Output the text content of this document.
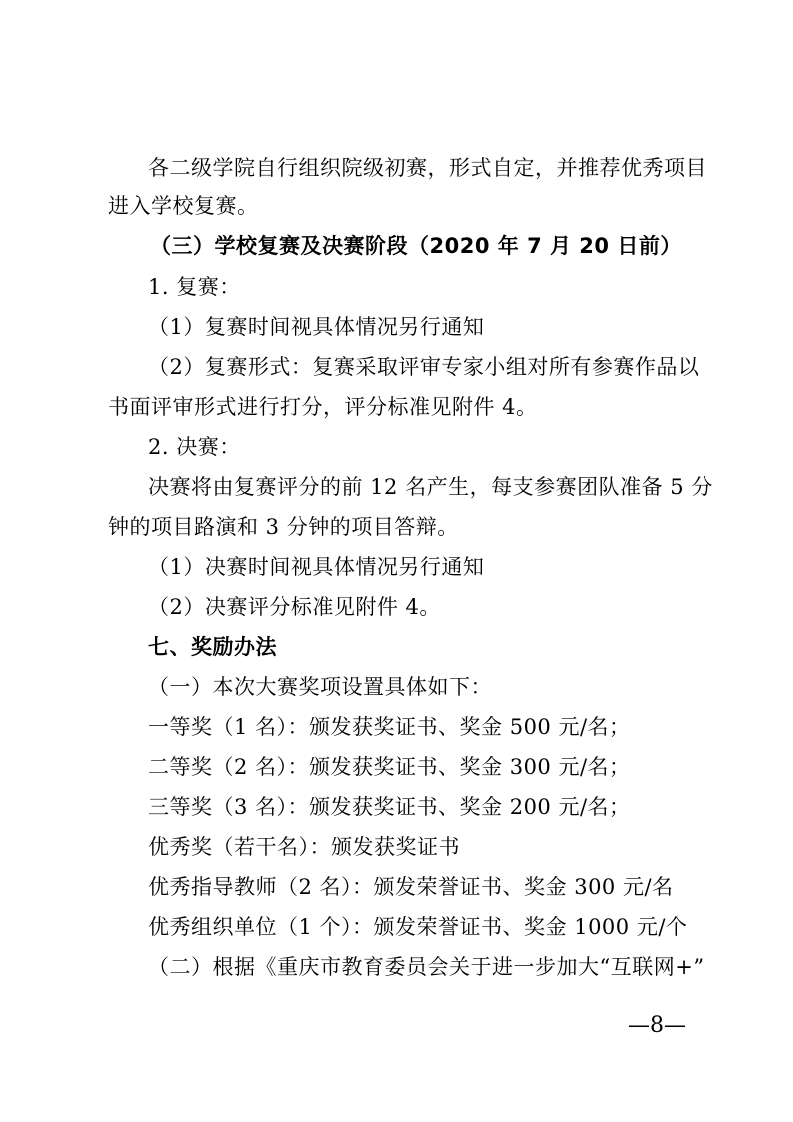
各二级学院自行组织院级初赛，形式自定，并推荐优秀项目
进入学校复赛。
（三）学校复赛及决赛阶段（2020 年 7 月 20 日前）
1. 复赛：
（1）复赛时间视具体情况另行通知
（2）复赛形式：复赛采取评审专家小组对所有参赛作品以
书面评审形式进行打分，评分标准见附件 4。
2. 决赛：
决赛将由复赛评分的前 12 名产生，每支参赛团队准备 5 分
钟的项目路演和 3 分钟的项目答辩。
（1）决赛时间视具体情况另行通知
（2）决赛评分标准见附件 4。
七、奖励办法
（一）本次大赛奖项设置具体如下：
一等奖（1 名）：颁发获奖证书、奖金 500 元/名；
二等奖（2 名）：颁发获奖证书、奖金 300 元/名；
三等奖（3 名）：颁发获奖证书、奖金 200 元/名；
优秀奖（若干名）：颁发获奖证书
优秀指导教师（2 名）：颁发荣誉证书、奖金 300 元/名
优秀组织单位（1 个）：颁发荣誉证书、奖金 1000 元/个
（二）根据《重庆市教育委员会关于进一步加大“互联网+”
—8—
